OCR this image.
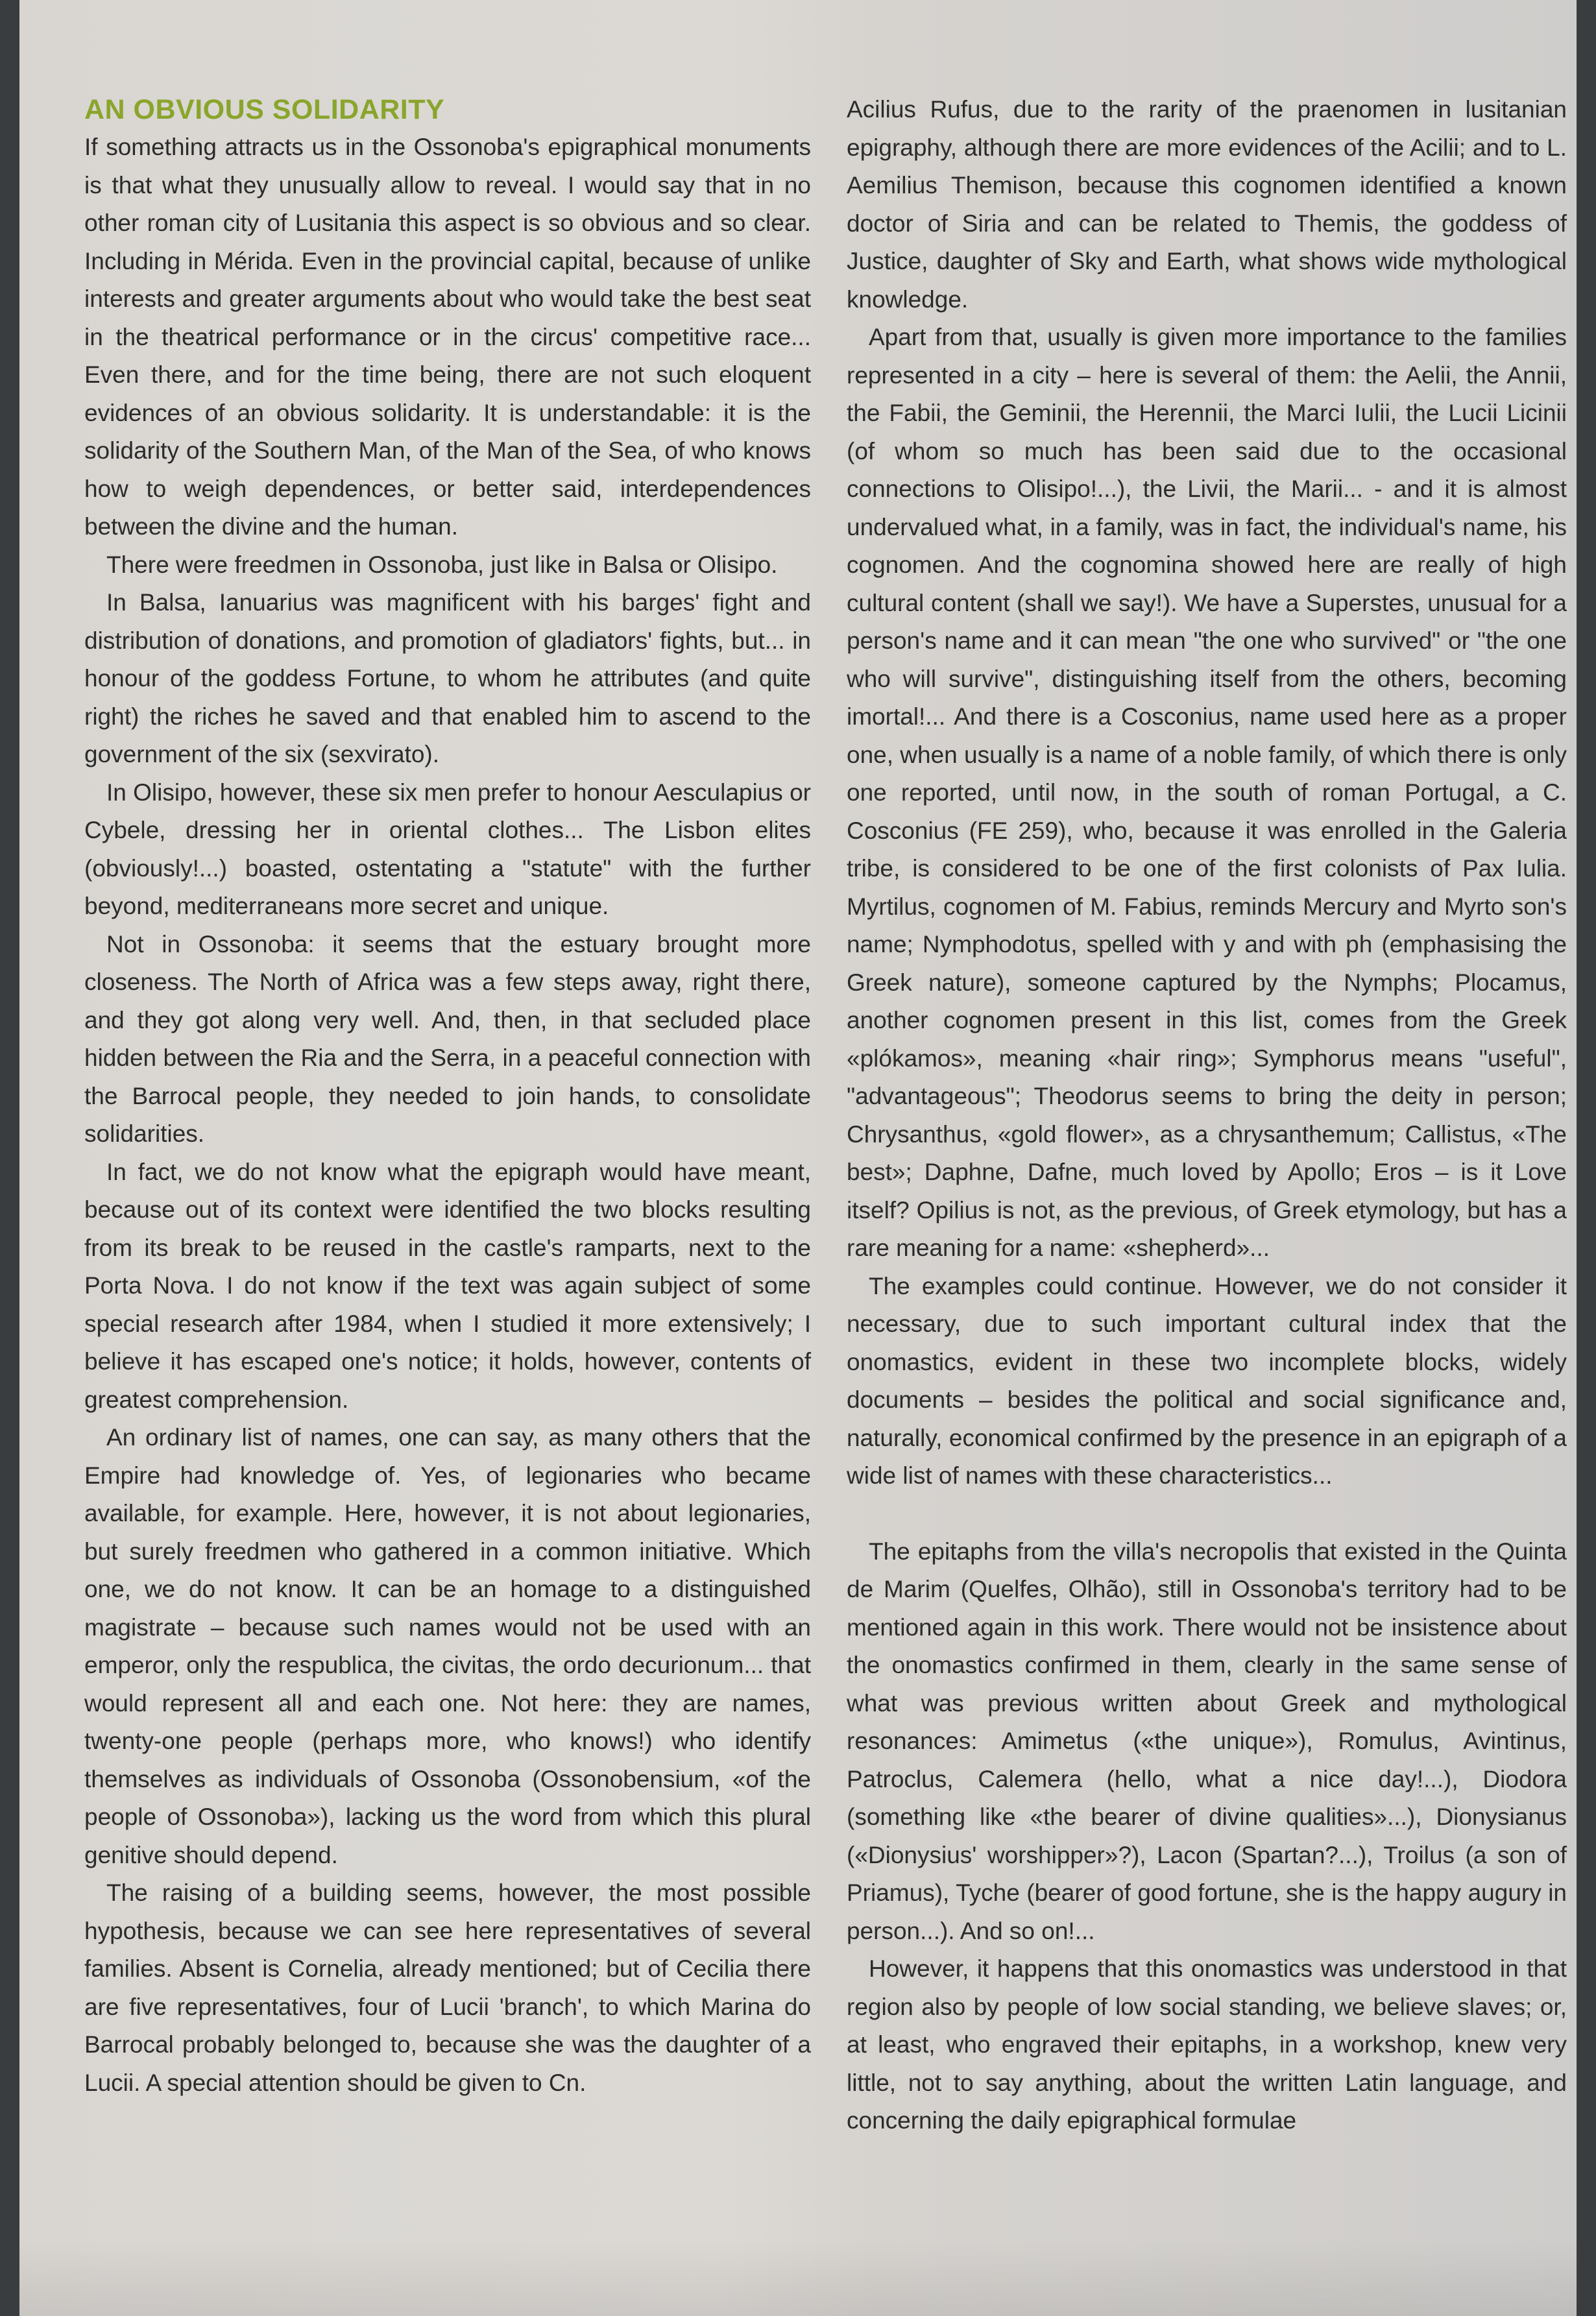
AN OBVIOUS SOLIDARITY

If something attracts us in the Ossonoba's epigraphical monuments is that what they unusually allow to reveal. I would say that in no other roman city of Lusitania this aspect is so obvious and so clear. Including in Mérida. Even in the provincial capital, because of unlike interests and greater arguments about who would take the best seat in the theatrical performance or in the circus' competitive race... Even there, and for the time being, there are not such eloquent evidences of an obvious solidarity. It is understandable: it is the solidarity of the Southern Man, of the Man of the Sea, of who knows how to weigh dependences, or better said, interdependences between the divine and the human.

There were freedmen in Ossonoba, just like in Balsa or Olisipo.

In Balsa, Ianuarius was magnificent with his barges' fight and distribution of donations, and promotion of gladiators' fights, but... in honour of the goddess Fortune, to whom he attributes (and quite right) the riches he saved and that enabled him to ascend to the government of the six (sexvirato).

In Olisipo, however, these six men prefer to honour Aesculapius or Cybele, dressing her in oriental clothes... The Lisbon elites (obviously!...) boasted, ostentating a "statute" with the further beyond, mediterraneans more secret and unique.

Not in Ossonoba: it seems that the estuary brought more closeness. The North of Africa was a few steps away, right there, and they got along very well. And, then, in that secluded place hidden between the Ria and the Serra, in a peaceful connection with the Barrocal people, they needed to join hands, to consolidate solidarities.

In fact, we do not know what the epigraph would have meant, because out of its context were identified the two blocks resulting from its break to be reused in the castle's ramparts, next to the Porta Nova. I do not know if the text was again subject of some special research after 1984, when I studied it more extensively; I believe it has escaped one's notice; it holds, however, contents of greatest comprehension.

An ordinary list of names, one can say, as many others that the Empire had knowledge of. Yes, of legionaries who became available, for example. Here, however, it is not about legionaries, but surely freedmen who gathered in a common initiative. Which one, we do not know. It can be an homage to a distinguished magistrate – because such names would not be used with an emperor, only the respublica, the civitas, the ordo decurionum... that would represent all and each one. Not here: they are names, twenty-one people (perhaps more, who knows!) who identify themselves as individuals of Ossonoba (Ossonobensium, «of the people of Ossonoba»), lacking us the word from which this plural genitive should depend.

The raising of a building seems, however, the most possible hypothesis, because we can see here representatives of several families. Absent is Cornelia, already mentioned; but of Cecilia there are five representatives, four of Lucii 'branch', to which Marina do Barrocal probably belonged to, because she was the daughter of a Lucii. A special attention should be given to Cn.

Acilius Rufus, due to the rarity of the praenomen in lusitanian epigraphy, although there are more evidences of the Acilii; and to L. Aemilius Themison, because this cognomen identified a known doctor of Siria and can be related to Themis, the goddess of Justice, daughter of Sky and Earth, what shows wide mythological knowledge.

Apart from that, usually is given more importance to the families represented in a city – here is several of them: the Aelii, the Annii, the Fabii, the Geminii, the Herennii, the Marci Iulii, the Lucii Licinii (of whom so much has been said due to the occasional connections to Olisipo!...), the Livii, the Marii... - and it is almost undervalued what, in a family, was in fact, the individual's name, his cognomen. And the cognomina showed here are really of high cultural content (shall we say!). We have a Superstes, unusual for a person's name and it can mean "the one who survived" or "the one who will survive", distinguishing itself from the others, becoming imortal!... And there is a Cosconius, name used here as a proper one, when usually is a name of a noble family, of which there is only one reported, until now, in the south of roman Portugal, a C. Cosconius (FE 259), who, because it was enrolled in the Galeria tribe, is considered to be one of the first colonists of Pax Iulia. Myrtilus, cognomen of M. Fabius, reminds Mercury and Myrto son's name; Nymphodotus, spelled with y and with ph (emphasising the Greek nature), someone captured by the Nymphs; Plocamus, another cognomen present in this list, comes from the Greek «plókamos», meaning «hair ring»; Symphorus means "useful", "advantageous"; Theodorus seems to bring the deity in person; Chrysanthus, «gold flower», as a chrysanthemum; Callistus, «The best»; Daphne, Dafne, much loved by Apollo; Eros – is it Love itself? Opilius is not, as the previous, of Greek etymology, but has a rare meaning for a name: «shepherd»...

The examples could continue. However, we do not consider it necessary, due to such important cultural index that the onomastics, evident in these two incomplete blocks, widely documents – besides the political and social significance and, naturally, economical confirmed by the presence in an epigraph of a wide list of names with these characteristics...

The epitaphs from the villa's necropolis that existed in the Quinta de Marim (Quelfes, Olhão), still in Ossonoba's territory had to be mentioned again in this work. There would not be insistence about the onomastics confirmed in them, clearly in the same sense of what was previous written about Greek and mythological resonances: Amimetus («the unique»), Romulus, Avintinus, Patroclus, Calemera (hello, what a nice day!...), Diodora (something like «the bearer of divine qualities»...), Dionysianus («Dionysius' worshipper»?), Lacon (Spartan?...), Troilus (a son of Priamus), Tyche (bearer of good fortune, she is the happy augury in person...). And so on!...

However, it happens that this onomastics was understood in that region also by people of low social standing, we believe slaves; or, at least, who engraved their epitaphs, in a workshop, knew very little, not to say anything, about the written Latin language, and concerning the daily epigraphical formulae
